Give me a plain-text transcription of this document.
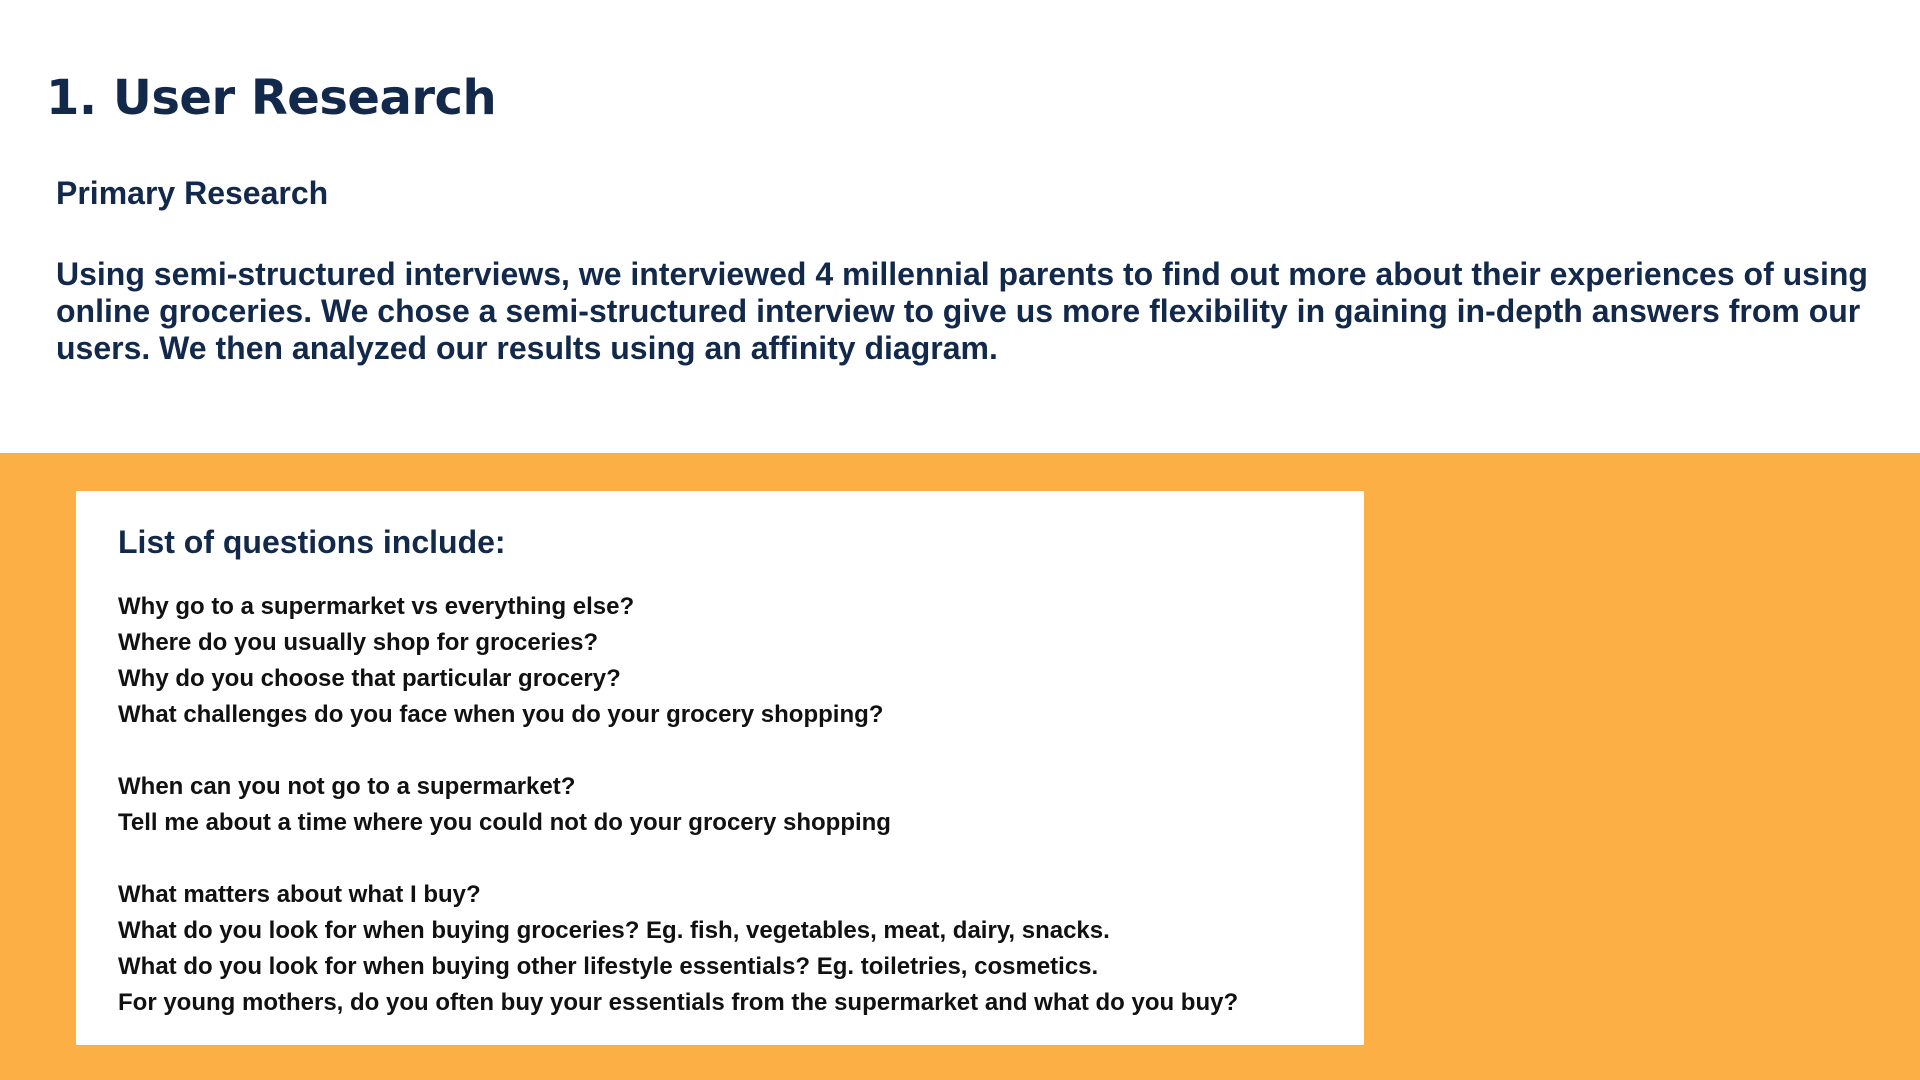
1. User Research
Primary Research

Using semi-structured interviews, we interviewed 4 millennial parents to find out more about their experiences of using online groceries. We chose a semi-structured interview to give us more flexibility in gaining in-depth answers from our users. We then analyzed our results using an affinity diagram.

List of questions include:
Why go to a supermarket vs everything else?
Where do you usually shop for groceries?
Why do you choose that particular grocery?
What challenges do you face when you do your grocery shopping?
When can you not go to a supermarket?
Tell me about a time where you could not do your grocery shopping
What matters about what I buy?
What do you look for when buying groceries? Eg. fish, vegetables, meat, dairy, snacks.
What do you look for when buying other lifestyle essentials? Eg. toiletries, cosmetics.
For young mothers, do you often buy your essentials from the supermarket and what do you buy?
